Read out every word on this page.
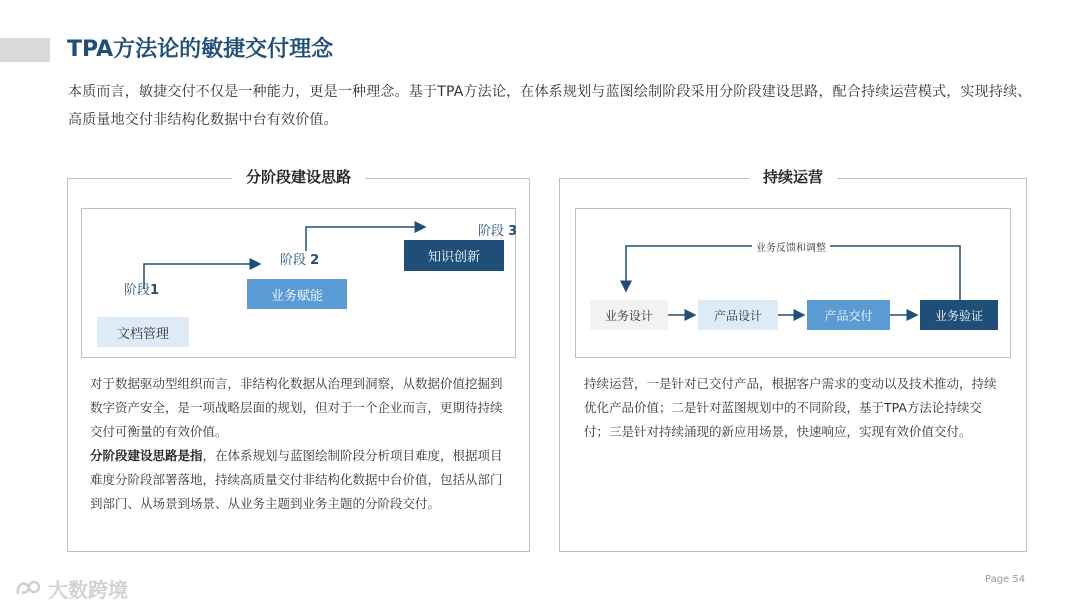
TPA方法论的敏捷交付理念
本质而言，敏捷交付不仅是一种能力，更是一种理念。基于TPA方法论，在体系规划与蓝图绘制阶段采用分阶段建设思路，配合持续运营模式，实现持续、高质量地交付非结构化数据中台有效价值。
分阶段建设思路
阶段1
文档管理
阶段 2
业务赋能
阶段 3
知识创新

对于数据驱动型组织而言，非结构化数据从治理到洞察，从数据价值挖掘到数字资产安全，是一项战略层面的规划，但对于一个企业而言，更期待持续交付可衡量的有效价值。

分阶段建设思路是指，在体系规划与蓝图绘制阶段分析项目难度，根据项目难度分阶段部署落地，持续高质量交付非结构化数据中台价值，包括从部门到部门、从场景到场景、从业务主题到业务主题的分阶段交付。

持续运营
业务反馈和调整
业务设计	产品设计	产品交付	业务验证

持续运营，一是针对已交付产品，根据客户需求的变动以及技术推动，持续优化产品价值；二是针对蓝图规划中的不同阶段，基于TPA方法论持续交付；三是针对持续涌现的新应用场景，快速响应，实现有效价值交付。

大数跨境	Page 54
